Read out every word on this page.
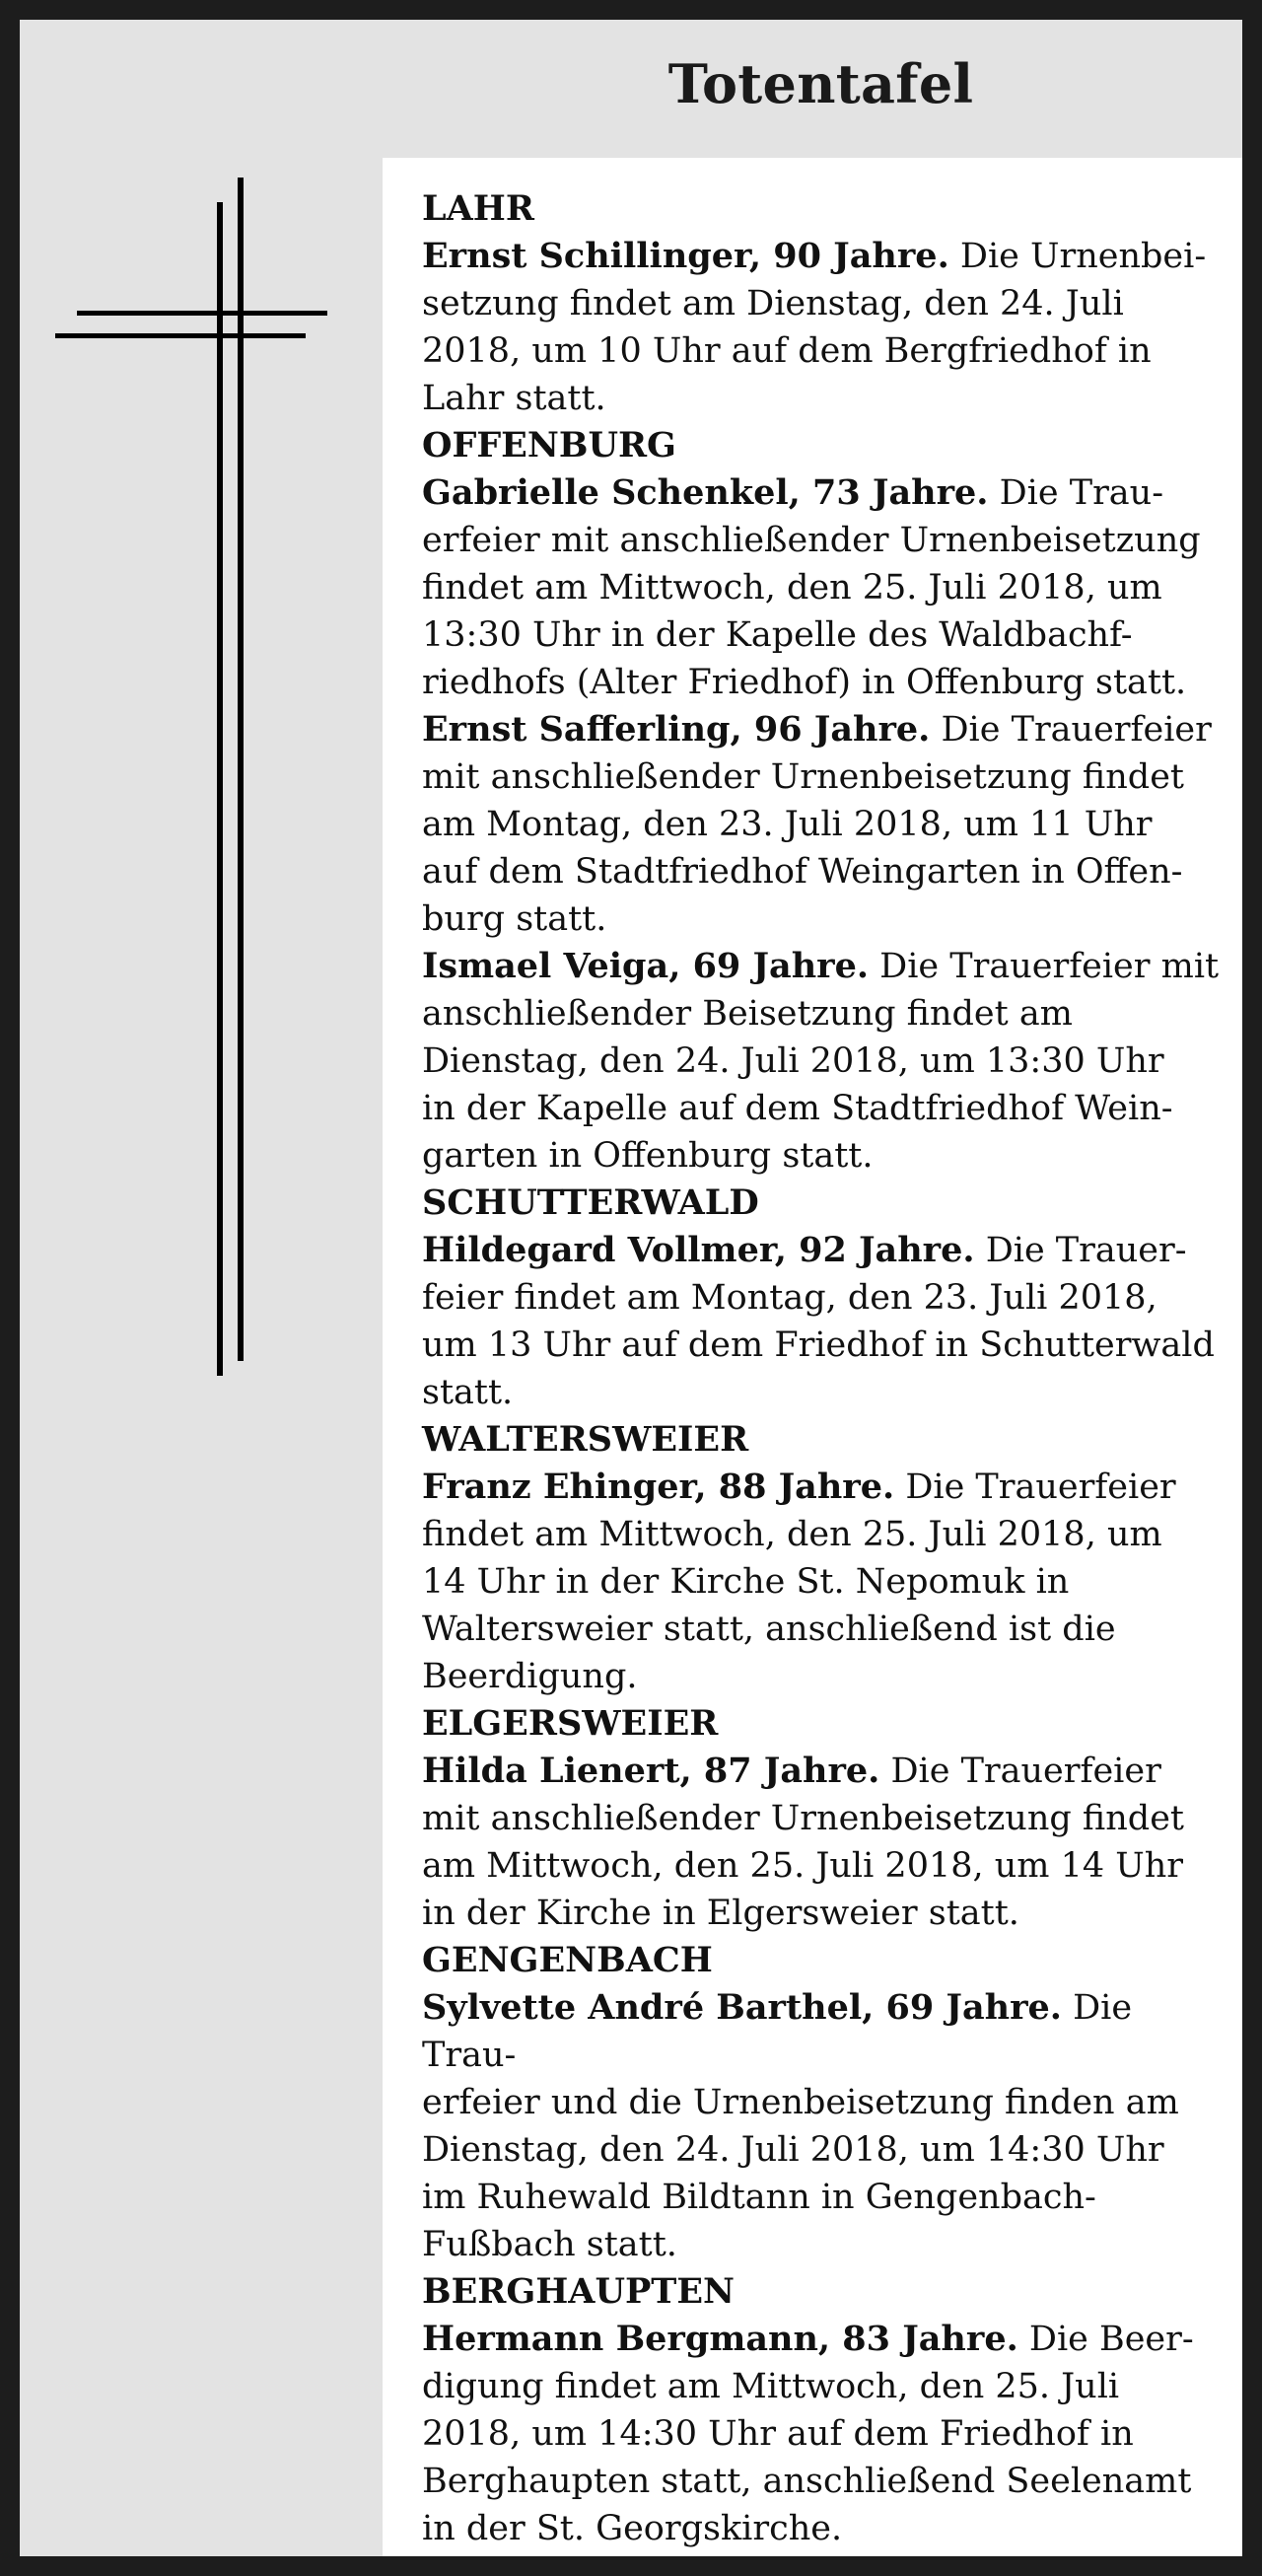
Totentafel
LAHR
Ernst Schillinger, 90 Jahre. Die Urnenbei-
setzung findet am Dienstag, den 24. Juli
2018, um 10 Uhr auf dem Bergfriedhof in
Lahr statt.
OFFENBURG
Gabrielle Schenkel, 73 Jahre. Die Trau-
erfeier mit anschließender Urnenbeisetzung
findet am Mittwoch, den 25. Juli 2018, um
13:30 Uhr in der Kapelle des Waldbachf-
riedhofs (Alter Friedhof) in Offenburg statt.
Ernst Safferling, 96 Jahre. Die Trauerfeier
mit anschließender Urnenbeisetzung findet
am Montag, den 23. Juli 2018, um 11 Uhr
auf dem Stadtfriedhof Weingarten in Offen-
burg statt.
Ismael Veiga, 69 Jahre. Die Trauerfeier mit
anschließender Beisetzung findet am
Dienstag, den 24. Juli 2018, um 13:30 Uhr
in der Kapelle auf dem Stadtfriedhof Wein-
garten in Offenburg statt.
SCHUTTERWALD
Hildegard Vollmer, 92 Jahre. Die Trauer-
feier findet am Montag, den 23. Juli 2018,
um 13 Uhr auf dem Friedhof in Schutterwald
statt.
WALTERSWEIER
Franz Ehinger, 88 Jahre. Die Trauerfeier
findet am Mittwoch, den 25. Juli 2018, um
14 Uhr in der Kirche St. Nepomuk in
Waltersweier statt, anschließend ist die
Beerdigung.
ELGERSWEIER
Hilda Lienert, 87 Jahre. Die Trauerfeier
mit anschließender Urnenbeisetzung findet
am Mittwoch, den 25. Juli 2018, um 14 Uhr
in der Kirche in Elgersweier statt.
GENGENBACH
Sylvette André Barthel, 69 Jahre. Die Trau-
erfeier und die Urnenbeisetzung finden am
Dienstag, den 24. Juli 2018, um 14:30 Uhr
im Ruhewald Bildtann in Gengenbach-
Fußbach statt.
BERGHAUPTEN
Hermann Bergmann, 83 Jahre. Die Beer-
digung findet am Mittwoch, den 25. Juli
2018, um 14:30 Uhr auf dem Friedhof in
Berghaupten statt, anschließend Seelenamt
in der St. Georgskirche.
